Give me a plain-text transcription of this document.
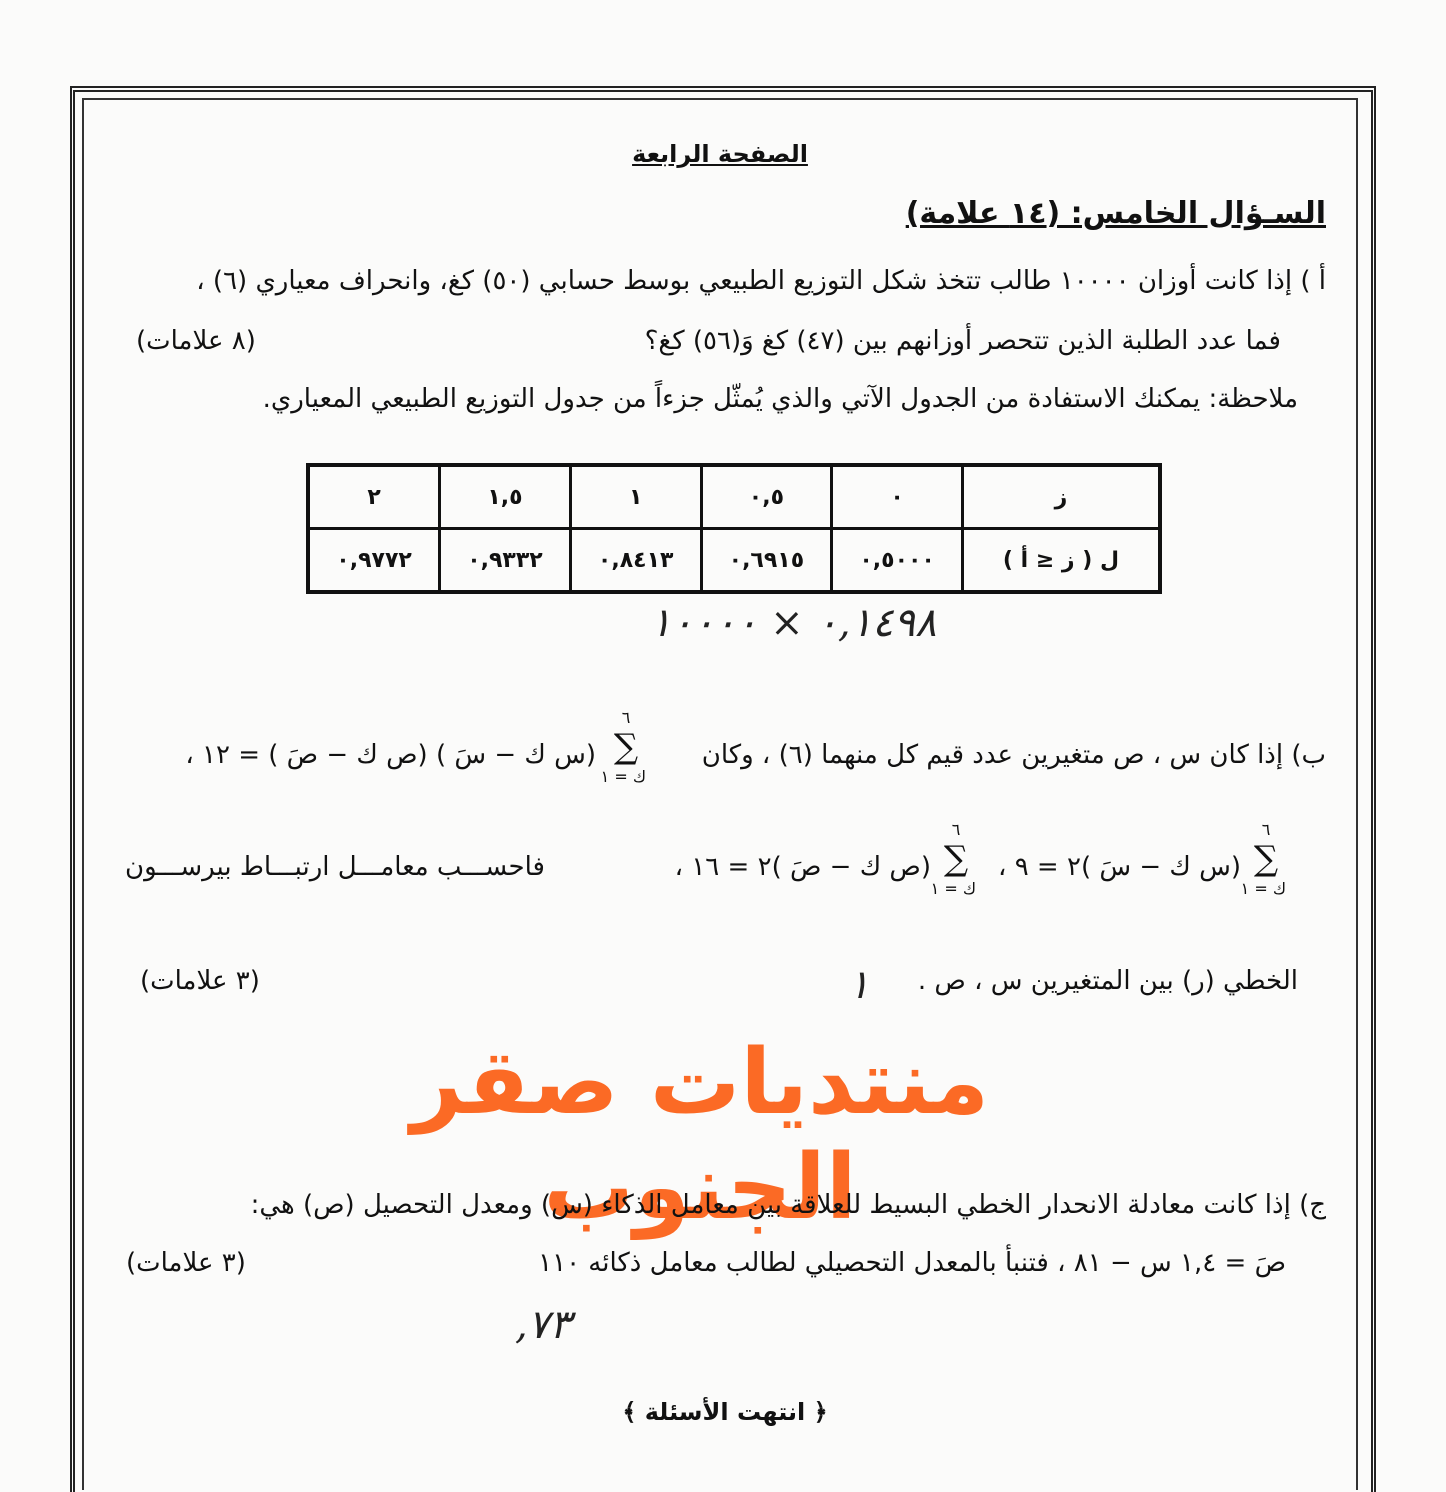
الصفحة الرابعة
السـؤال الخامس: (١٤ علامة)
أ ) إذا كانت أوزان ١٠٠٠٠ طالب تتخذ شكل التوزيع الطبيعي بوسط حسابي (٥٠) كغ، وانحراف معياري (٦) ،
فما عدد الطلبة الذين تتحصر أوزانهم بين (٤٧) كغ وَ(٥٦) كغ؟
(٨ علامات)
ملاحظة: يمكنك الاستفادة من الجدول الآتي والذي يُمثّل جزءاً من جدول التوزيع الطبيعي المعياري.
ز	٠	٠,٥	١	١,٥	٢
ل ( ز ≤ أ )	٠,٥٠٠٠	٠,٦٩١٥	٠,٨٤١٣	٠,٩٣٣٢	٠,٩٧٧٢
٠,١٤٩٨ × ١٠٠٠٠
ب) إذا كان س ، ص متغيرين عدد قيم كل منهما (٦) ، وكان
٦
∑
ك = ١
(س ك − سَ ) (ص ك − صَ ) = ١٢ ،
٦
∑
ك = ١
(س ك − سَ )٢ = ٩ ،
٦
∑
ك = ١
(ص ك − صَ )٢ = ١٦ ،
فاحســـب معامـــل ارتبـــاط بيرســـون
الخطي (ر) بين المتغيرين س ، ص .
(٣ علامات)	١
منتديات صقر الجنوب
ج) إذا كانت معادلة الانحدار الخطي البسيط للعلاقة بين معامل الذكاء (س) ومعدل التحصيل (ص) هي:
صَ = ١,٤ س − ٨١ ، فتنبأ بالمعدل التحصيلي لطالب معامل ذكائه ١١٠
(٣ علامات)
٧٣,
﴿ انتهت الأسئلة ﴾
